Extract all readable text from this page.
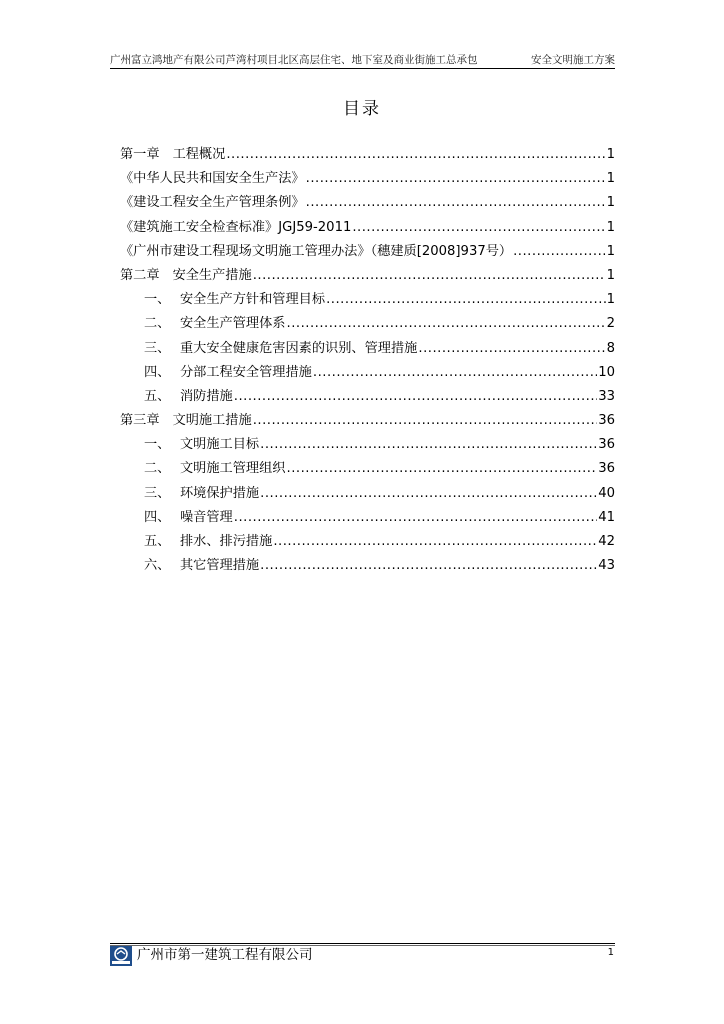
广州富立鸿地产有限公司芦湾村项目北区高层住宅、地下室及商业街施工总承包	安全文明施工方案
目录
第一章 工程概况 .....	1
《中华人民共和国安全生产法》 .....	1
《建设工程安全生产管理条例》 .....	1
《建筑施工安全检查标准》JGJ59-2011 .....	1
《广州市建设工程现场文明施工管理办法》（穗建质[2008]937号） .....	1
第二章 安全生产措施 .....	1
一、 安全生产方针和管理目标 .....	1
二、 安全生产管理体系 .....	2
三、 重大安全健康危害因素的识别、管理措施 .....	8
四、 分部工程安全管理措施 .....	10
五、 消防措施 .....	33
第三章 文明施工措施 .....	36
一、 文明施工目标 .....	36
二、 文明施工管理组织 .....	36
三、 环境保护措施 .....	40
四、 噪音管理 .....	41
五、 排水、排污措施 .....	42
六、 其它管理措施 .....	43
广州市第一建筑工程有限公司	1
